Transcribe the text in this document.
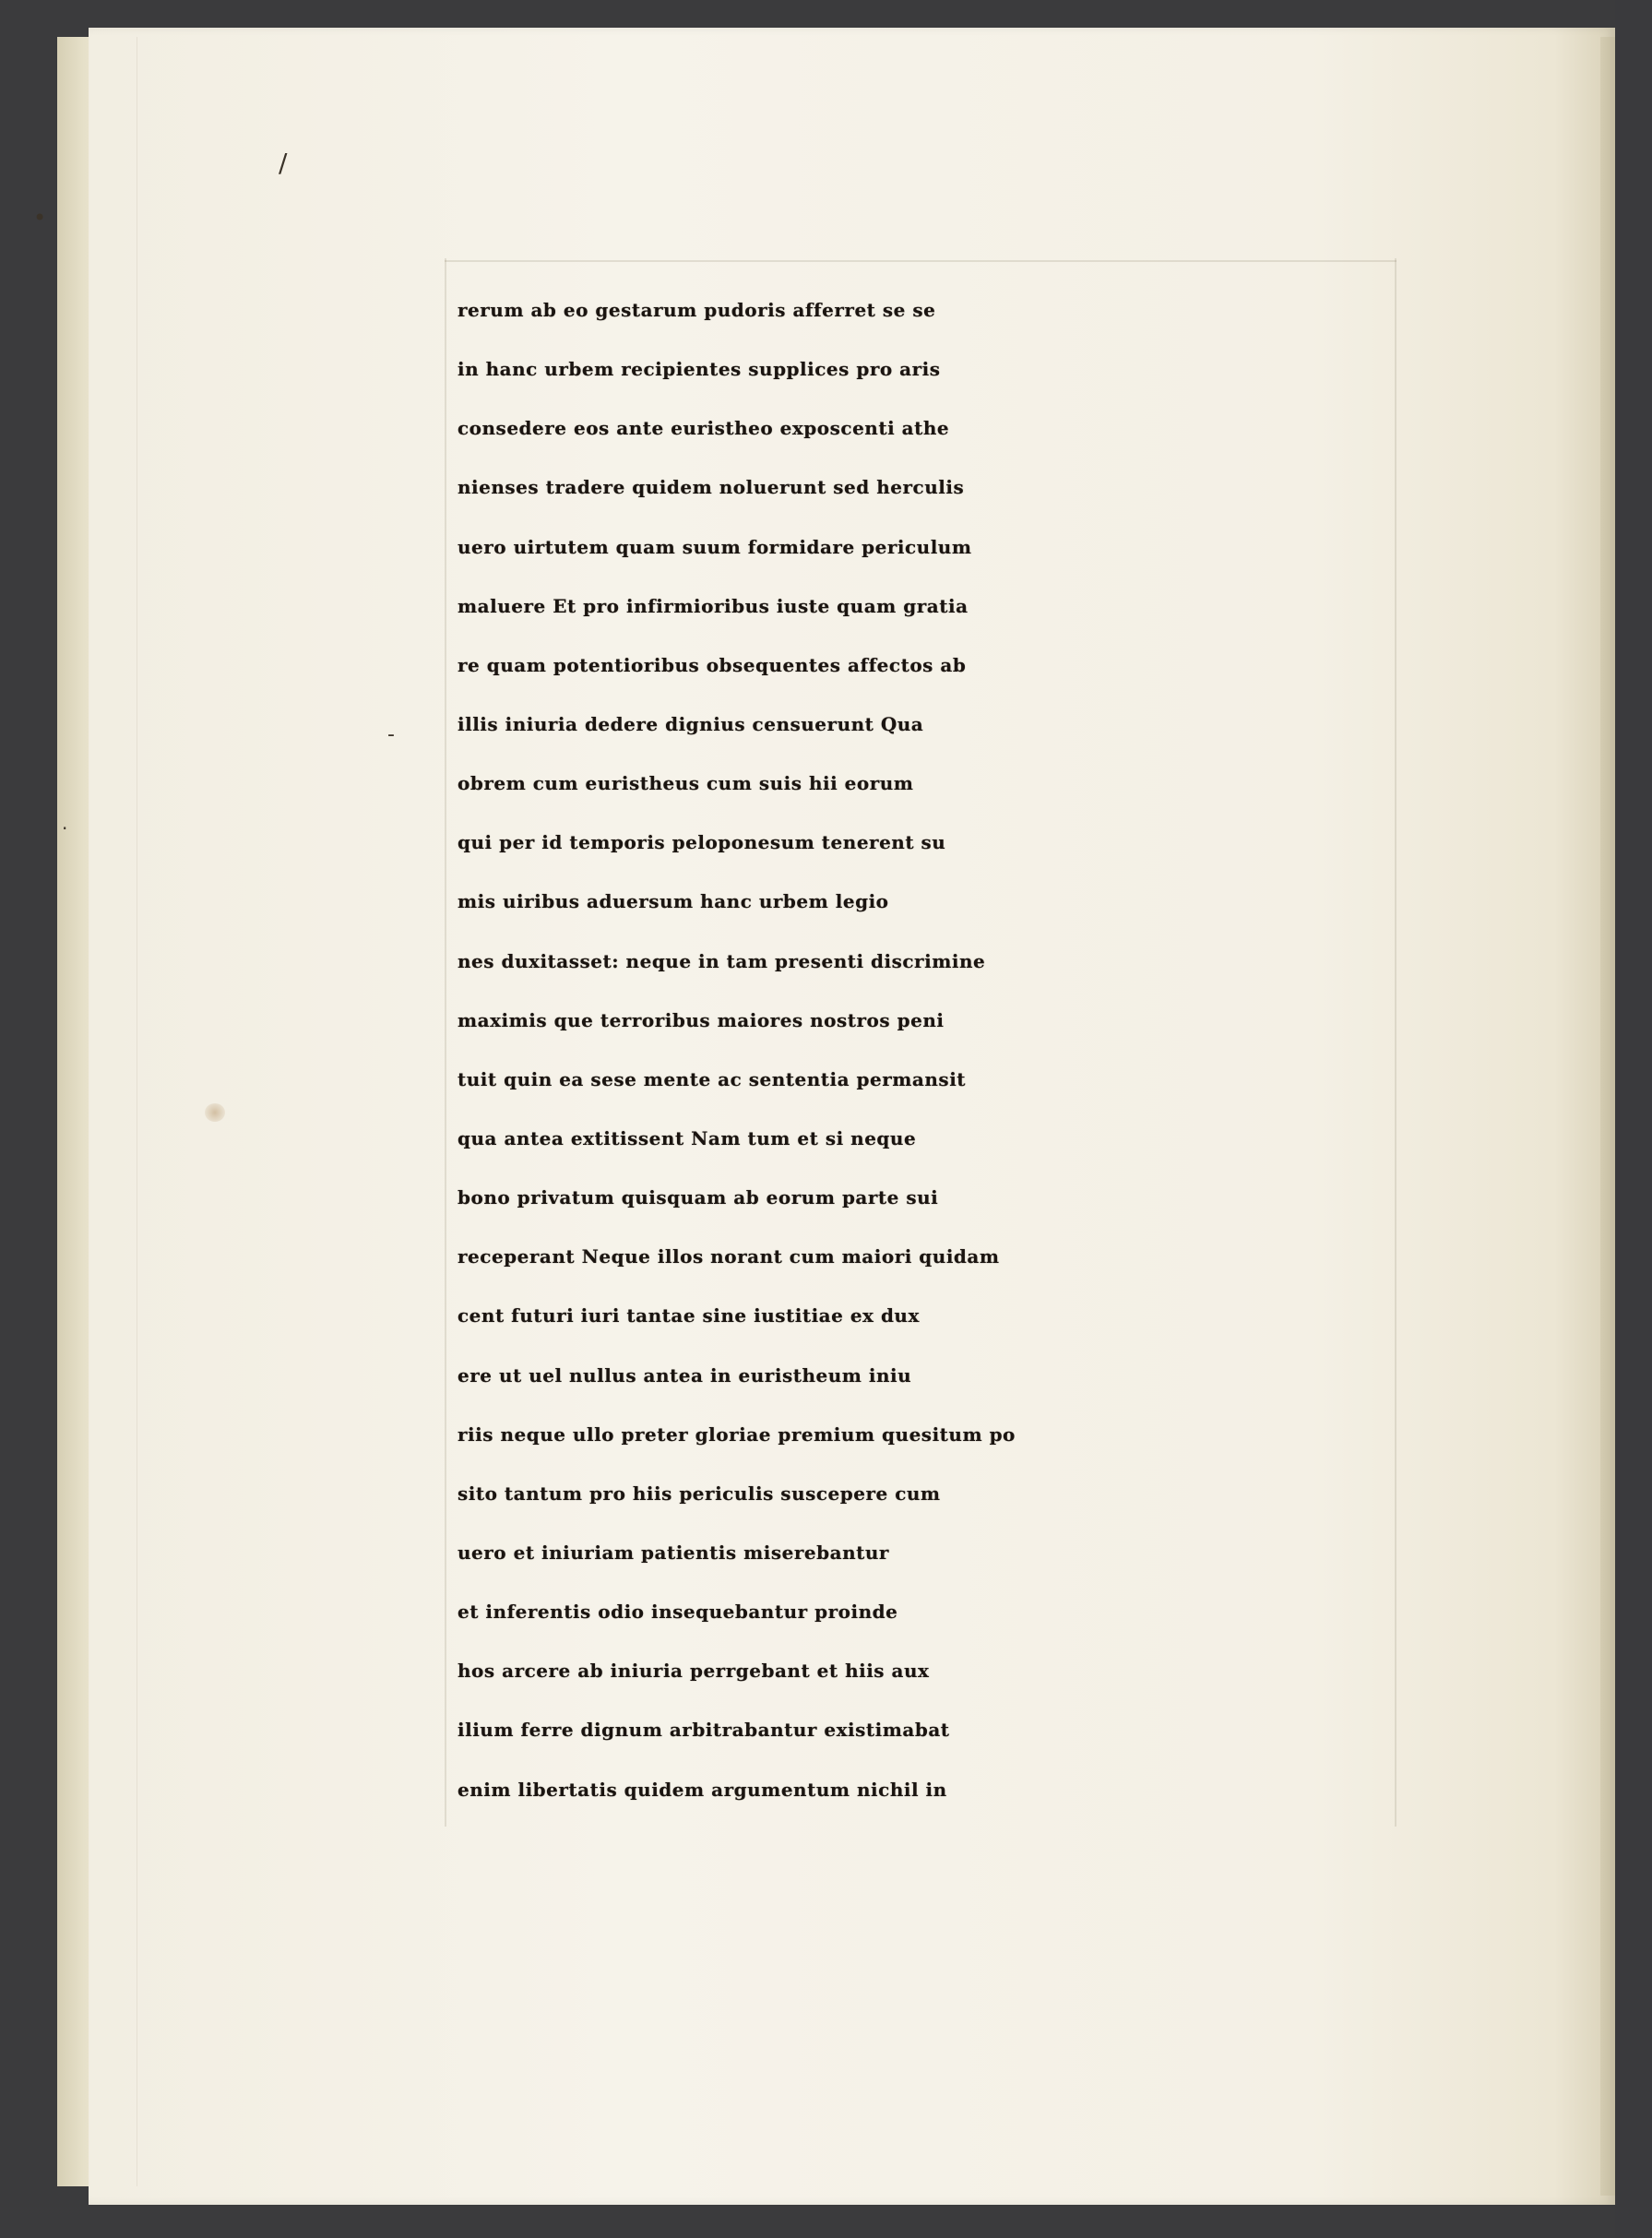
•
-
·
/
rerum ab eo gestarum pudoris afferret se se
in hanc urbem recipientes supplices pro aris
consedere eos ante euristheo exposcenti athe
nienses tradere quidem noluerunt sed herculis
uero uirtutem quam suum formidare periculum
maluere Et pro infirmioribus iuste quam gratia
re quam potentioribus obsequentes affectos ab
illis iniuria dedere dignius censuerunt Qua
obrem cum euristheus cum suis hii eorum
qui per id temporis peloponesum tenerent su
mis uiribus aduersum hanc urbem legio
nes duxitasset: neque in tam presenti discrimine
maximis que terroribus maiores nostros peni
tuit quin ea sese mente ac sententia permansit
qua antea extitissent Nam tum et si neque
bono privatum quisquam ab eorum parte sui
receperant Neque illos norant cum maiori quidam
cent futuri iuri tantae sine iustitiae ex dux
ere ut uel nullus antea in euristheum iniu
riis neque ullo preter gloriae premium quesitum po
sito tantum pro hiis periculis suscepere cum
uero et iniuriam patientis miserebantur
et inferentis odio insequebantur proinde
hos arcere ab iniuria perrgebant et hiis aux
ilium ferre dignum arbitrabantur existimabat
enim libertatis quidem argumentum nichil in
